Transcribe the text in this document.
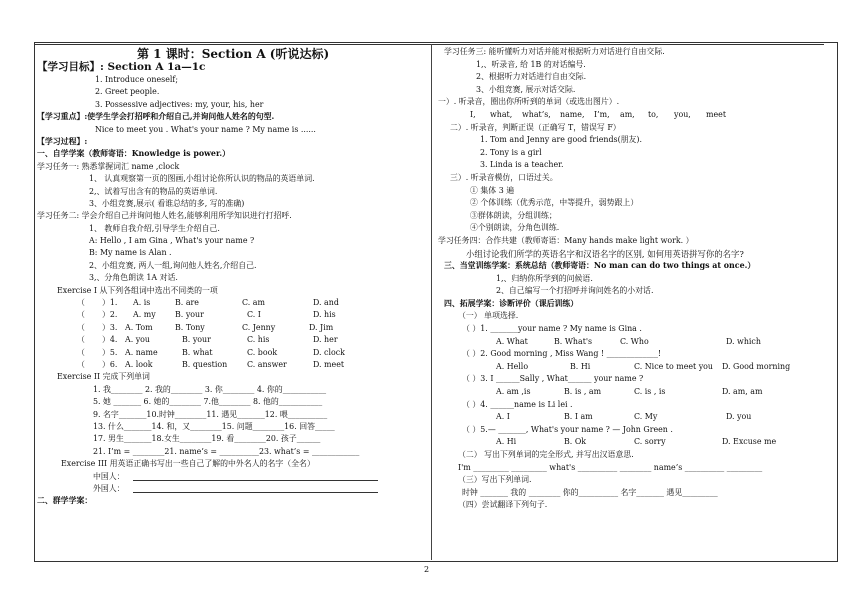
第 1 课时：Section A (听说达标)
【学习目标】: Section A 1a—1c
1. Introduce oneself;
2. Greet people.
3. Possessive adjectives: my, your, his, her
【学习重点】:使学生学会打招呼和介绍自己,并询问他人姓名的句型.
Nice to meet you . What's your name ? My name is ......
【学习过程】:
一、自学学案（教师寄语：Knowledge is power.）
学习任务一: 熟悉掌握词汇 name ,clock
1、 认真观察第一页的图画,小组讨论你所认识的物品的英语单词.
2,、试着写出含有的物品的英语单词.
3、小组竞赛,展示( 看谁总结的多, 写的准确)
学习任务二: 学会介绍自己并询问他人姓名,能够利用所学知识进行打招呼.
1、 教师自我介绍,引导学生介绍自己.
A: Hello , I am Gina , What's your name ?
B: My name is Alan .
2、小组竞赛, 两人一组,询问他人姓名,介绍自己.
3,、分角色朗读 1A 对话.
Exercise I 从下列各组词中选出不同类的一项
（ ）1. A. is	B. are	C. am	D. and
（ ）2. A. my B. your	C. I	D. his
（ ）3. A. Tom	B. Tony	C. Jenny	D. Jim
（ ）4. A. you	B. your	C. his	D. her
（ ）5. A. name	B. what	C. book	D. clock
（ ）6. A. look	B. question	C. answer	D. meet
Exercise II 完成下列单词
1. 我________ 2. 我的________ 3. 你________ 4. 你的___________
5. 她 _______ 6. 她的________ 7.他________ 8. 他的___________
9. 名字_______10.时钟________11. 遇见_______12. 喂__________
13. 什么_______14. 和，又________15. 问题________16. 回答_____
17. 男生_______18.女生________19. 看________20. 孩子______
21. I’m = ________21. name’s = __________23. what’s = ____________
Exercise III 用英语正确书写出一些自己了解的中外名人的名字（全名）
中国人：
外国人：
二、群学学案：
学习任务三: 能听懂听力对话并能对根据听力对话进行自由交际.
1,、听录音, 给 1B 的对话编号.
2、根据听力对话进行自由交际.
3、小组竞赛, 展示对话交际.
一）. 听录音，圈出你所听到的单词（或选出图片）.
I, what, what’s, name, I’m, am, to, you, meet
二）. 听录音，判断正误（正确写 T，错误写 F）
1. Tom and Jenny are good friends(朋友).
2. Tony is a girl
3. Linda is a teacher.
三）. 听录音模仿，口语过关。
① 集体 3 遍
② 个体训练（优秀示范，中等提升，弱势跟上）
③群体朗读，分组训练；
④个别朗读，分角色训练.
学习任务四：合作共建（教师寄语：Many hands make light work. ）
小组讨论我们所学的英语名字和汉语名字的区别, 如何用英语拼写你的名字?
三、当堂训练学案：系统总结（教师寄语：No man can do two things at once.）
1,、归纳你所学到的问候语.
2、自己编写一个打招呼并询问姓名的小对话.
四、拓展学案：诊断评价（课后训练）
（一） 单项选择.
（ ）1. _______your name ? My name is Gina .
A. What	B. What's	C. Who	D. which
（ ）2. Good morning , Miss Wang ! _____________!
A. Hello	B. Hi	C. Nice to meet you D. Good morning
（ ）3. I ______Sally , What______ your name ?
A. am ,is	B. is , am	C. is , is	D. am, am
（ ）4. ______name is Li lei .
A. I	B. I am	C. My	D. you
（ ）5.— _______, What's your name ? — John Green .
A. Hi	B. Ok	C. sorry	D. Excuse me
（二） 写出下列单词的完全形式, 并写出汉语意思.
I'm _________ _________ what's __________ ________ name’s __________ _________
（三）写出下列单词.
时钟 _______ 我的 ________ 你的__________ 名字_______ 遇见_________
（四）尝试翻译下列句子.
2
